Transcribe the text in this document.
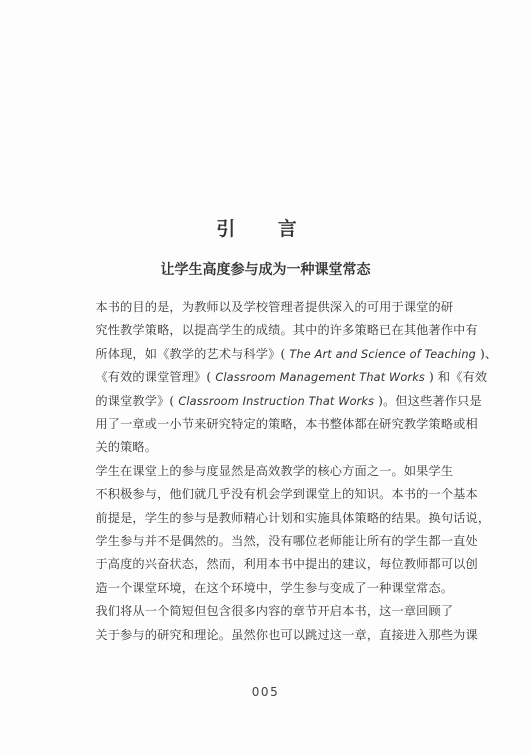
引 言
让学生高度参与成为一种课堂常态

本书的目的是，为教师以及学校管理者提供深入的可用于课堂的研
究性教学策略，以提高学生的成绩。其中的许多策略已在其他著作中有
所体现，如《教学的艺术与科学》( The Art and Science of Teaching )、
《有效的课堂管理》( Classroom Management That Works ) 和《有效
的课堂教学》( Classroom Instruction That Works )。但这些著作只是
用了一章或一小节来研究特定的策略，本书整体都在研究教学策略或相
关的策略。

学生在课堂上的参与度显然是高效教学的核心方面之一。如果学生
不积极参与，他们就几乎没有机会学到课堂上的知识。本书的一个基本
前提是，学生的参与是教师精心计划和实施具体策略的结果。换句话说，
学生参与并不是偶然的。当然，没有哪位老师能让所有的学生都一直处
于高度的兴奋状态，然而，利用本书中提出的建议，每位教师都可以创
造一个课堂环境，在这个环境中，学生参与变成了一种课堂常态。

我们将从一个简短但包含很多内容的章节开启本书，这一章回顾了
关于参与的研究和理论。虽然你也可以跳过这一章，直接进入那些为课

005
